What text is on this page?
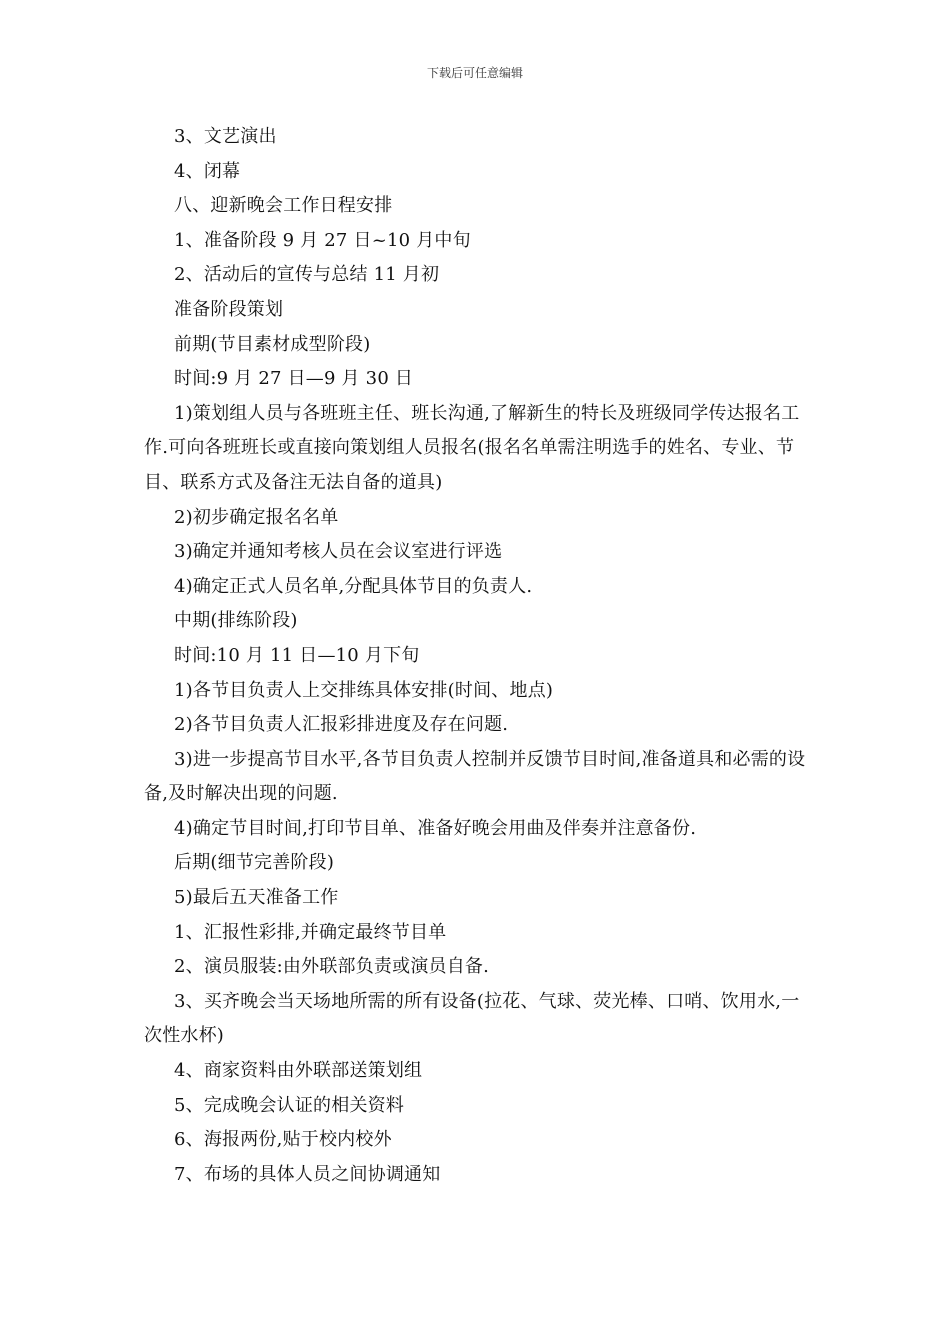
下载后可任意编辑

3、文艺演出

4、闭幕

八、迎新晚会工作日程安排

1、准备阶段 9 月 27 日~10 月中旬

2、活动后的宣传与总结 11 月初

准备阶段策划

前期(节目素材成型阶段)

时间:9 月 27 日—9 月 30 日

1)策划组人员与各班班主任、班长沟通,了解新生的特长及班级同学传达报名工作.可向各班班长或直接向策划组人员报名(报名名单需注明选手的姓名、专业、节目、联系方式及备注无法自备的道具)

2)初步确定报名名单

3)确定并通知考核人员在会议室进行评选

4)确定正式人员名单,分配具体节目的负责人.

中期(排练阶段)

时间:10 月 11 日—10 月下旬

1)各节目负责人上交排练具体安排(时间、地点)

2)各节目负责人汇报彩排进度及存在问题.

3)进一步提高节目水平,各节目负责人控制并反馈节目时间,准备道具和必需的设备,及时解决出现的问题.

4)确定节目时间,打印节目单、准备好晚会用曲及伴奏并注意备份.

后期(细节完善阶段)

5)最后五天准备工作

1、汇报性彩排,并确定最终节目单

2、演员服装:由外联部负责或演员自备.

3、买齐晚会当天场地所需的所有设备(拉花、气球、荧光棒、口哨、饮用水,一次性水杯)

4、商家资料由外联部送策划组

5、完成晚会认证的相关资料

6、海报两份,贴于校内校外

7、布场的具体人员之间协调通知
